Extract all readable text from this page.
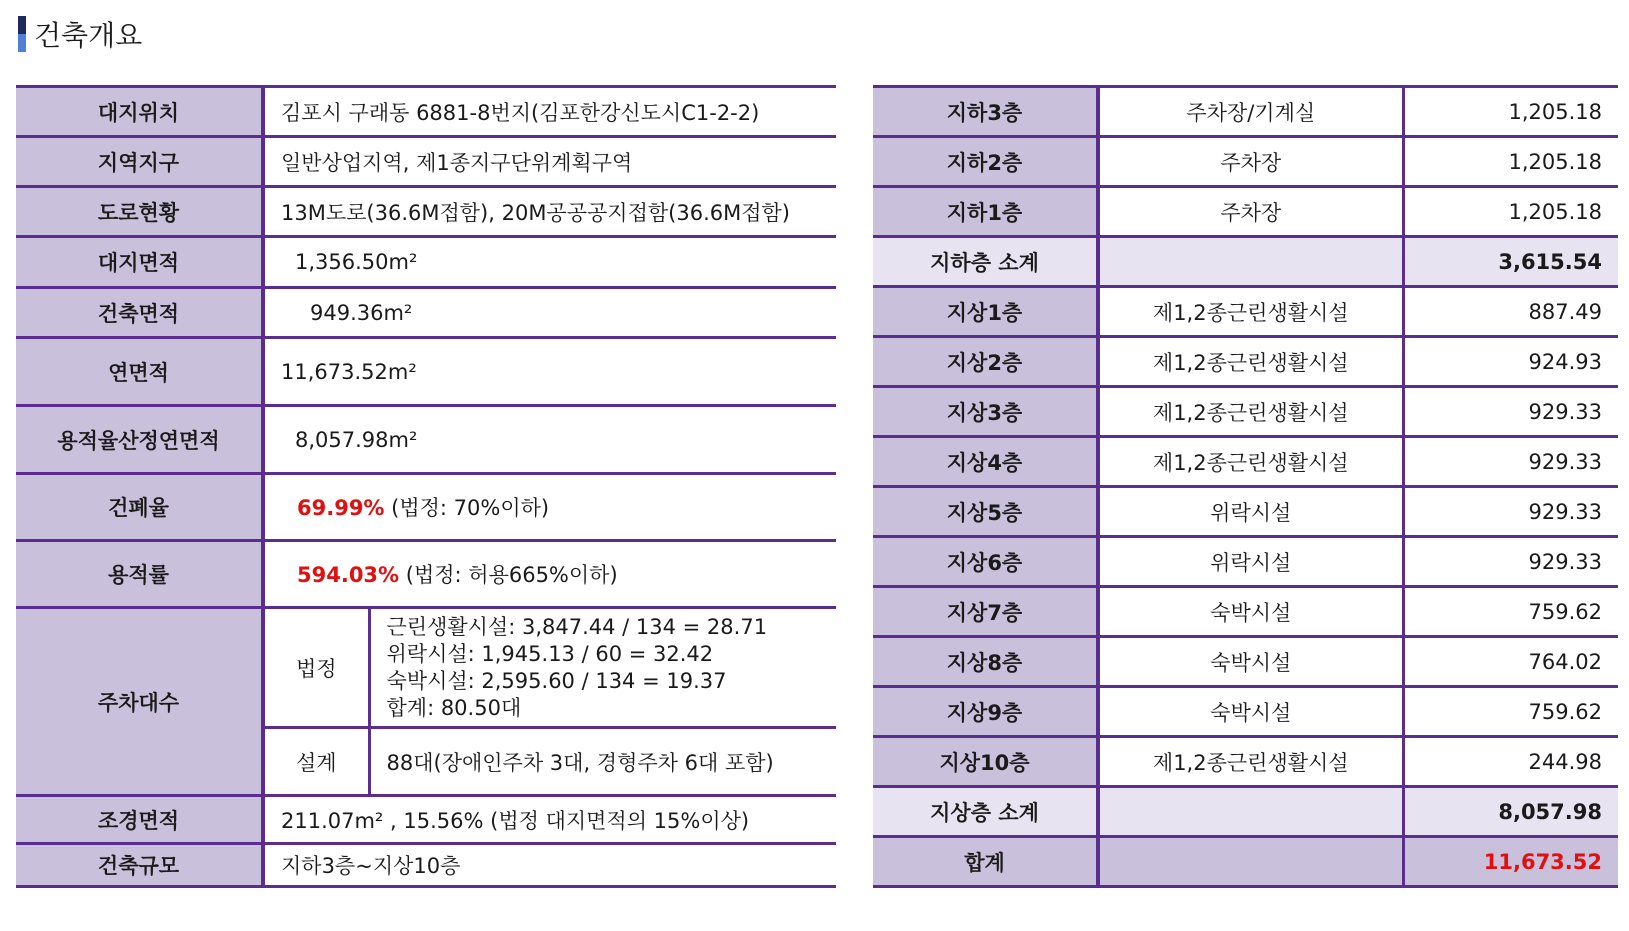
건축개요
대지위치	김포시 구래동 6881-8번지(김포한강신도시C1-2-2)	
지역지구	일반상업지역, 제1종지구단위계획구역	
도로현황	13M도로(36.6M접함), 20M공공공지접함(36.6M접함)	
대지면적	1,356.50m²	
건축면적	949.36m²	
연면적	11,673.52m²	
용적율산정연면적	8,057.98m²	
건폐율	69.99% (법정: 70%이하)	
용적률	594.03% (법정: 허용665%이하)	
주차대수	법정	근린생활시설: 3,847.44 / 134 = 28.71
위락시설: 1,945.13 / 60 = 32.42
숙박시설: 2,595.60 / 134 = 19.37
합계: 80.50대

	설계	88대(장애인주차 3대, 경형주차 6대 포함)
조경면적	211.07m² , 15.56% (법정 대지면적의 15%이상)	
건축규모	지하3층~지상10층	
지하3층	주차장/기계실	1,205.18
지하2층	주차장	1,205.18
지하1층	주차장	1,205.18
지하층 소계		3,615.54
지상1층	제1,2종근린생활시설	887.49
지상2층	제1,2종근린생활시설	924.93
지상3층	제1,2종근린생활시설	929.33
지상4층	제1,2종근린생활시설	929.33
지상5층	위락시설	929.33
지상6층	위락시설	929.33
지상7층	숙박시설	759.62
지상8층	숙박시설	764.02
지상9층	숙박시설	759.62
지상10층	제1,2종근린생활시설	244.98
지상층 소계		8,057.98
합계		11,673.52
